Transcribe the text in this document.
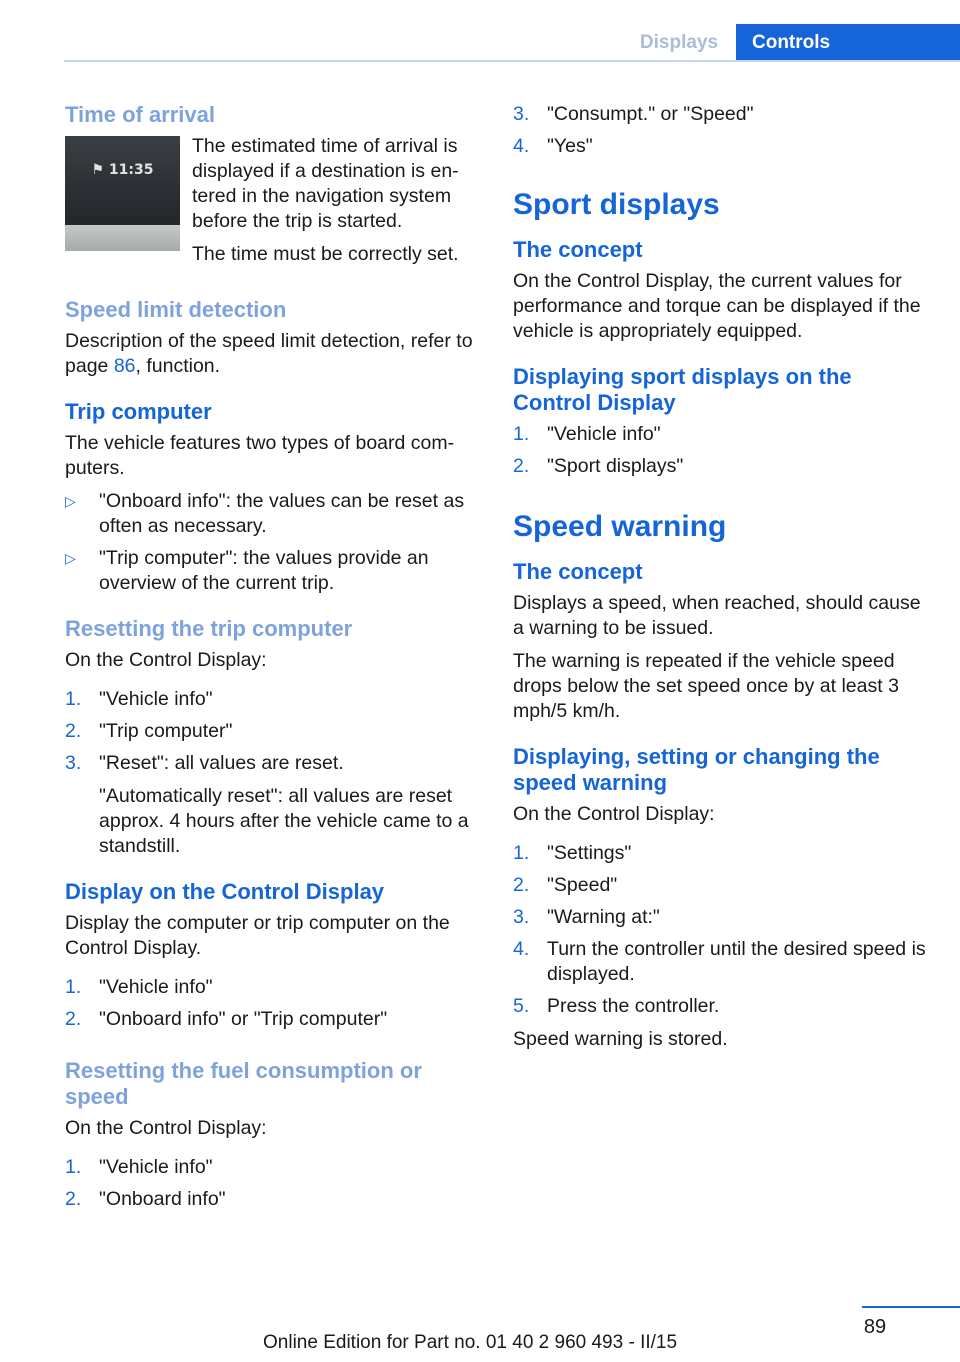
Displays	Controls
Time of arrival
⚑ 11:35

The estimated time of arrival is displayed if a destination is entered in the navigation system before the trip is started.

The time must be correctly set.

Speed limit detection

Description of the speed limit detection, refer to page 86, function.

Trip computer

The vehicle features two types of board computers.

▷ "Onboard info": the values can be reset as often as necessary.
▷ "Trip computer": the values provide an overview of the current trip.
Resetting the trip computer

On the Control Display:

1. "Vehicle info"
2. "Trip computer"
3. "Reset": all values are reset.

"Automatically reset": all values are reset approx. 4 hours after the vehicle came to a standstill.

Display on the Control Display

Display the computer or trip computer on the Control Display.

1. "Vehicle info"
2. "Onboard info" or "Trip computer"
Resetting the fuel consumption or speed

On the Control Display:

1. "Vehicle info"
2. "Onboard info"
3. "Consumpt." or "Speed"
4. "Yes"
Sport displays
The concept

On the Control Display, the current values for performance and torque can be displayed if the vehicle is appropriately equipped.

Displaying sport displays on the Control Display
1. "Vehicle info"
2. "Sport displays"
Speed warning
The concept

Displays a speed, when reached, should cause a warning to be issued.

The warning is repeated if the vehicle speed drops below the set speed once by at least 3 mph/5 km/h.

Displaying, setting or changing the speed warning

On the Control Display:

1. "Settings"
2. "Speed"
3. "Warning at:"
4. Turn the controller until the desired speed is displayed.
5. Press the controller.

Speed warning is stored.

89
Online Edition for Part no. 01 40 2 960 493 - II/15
